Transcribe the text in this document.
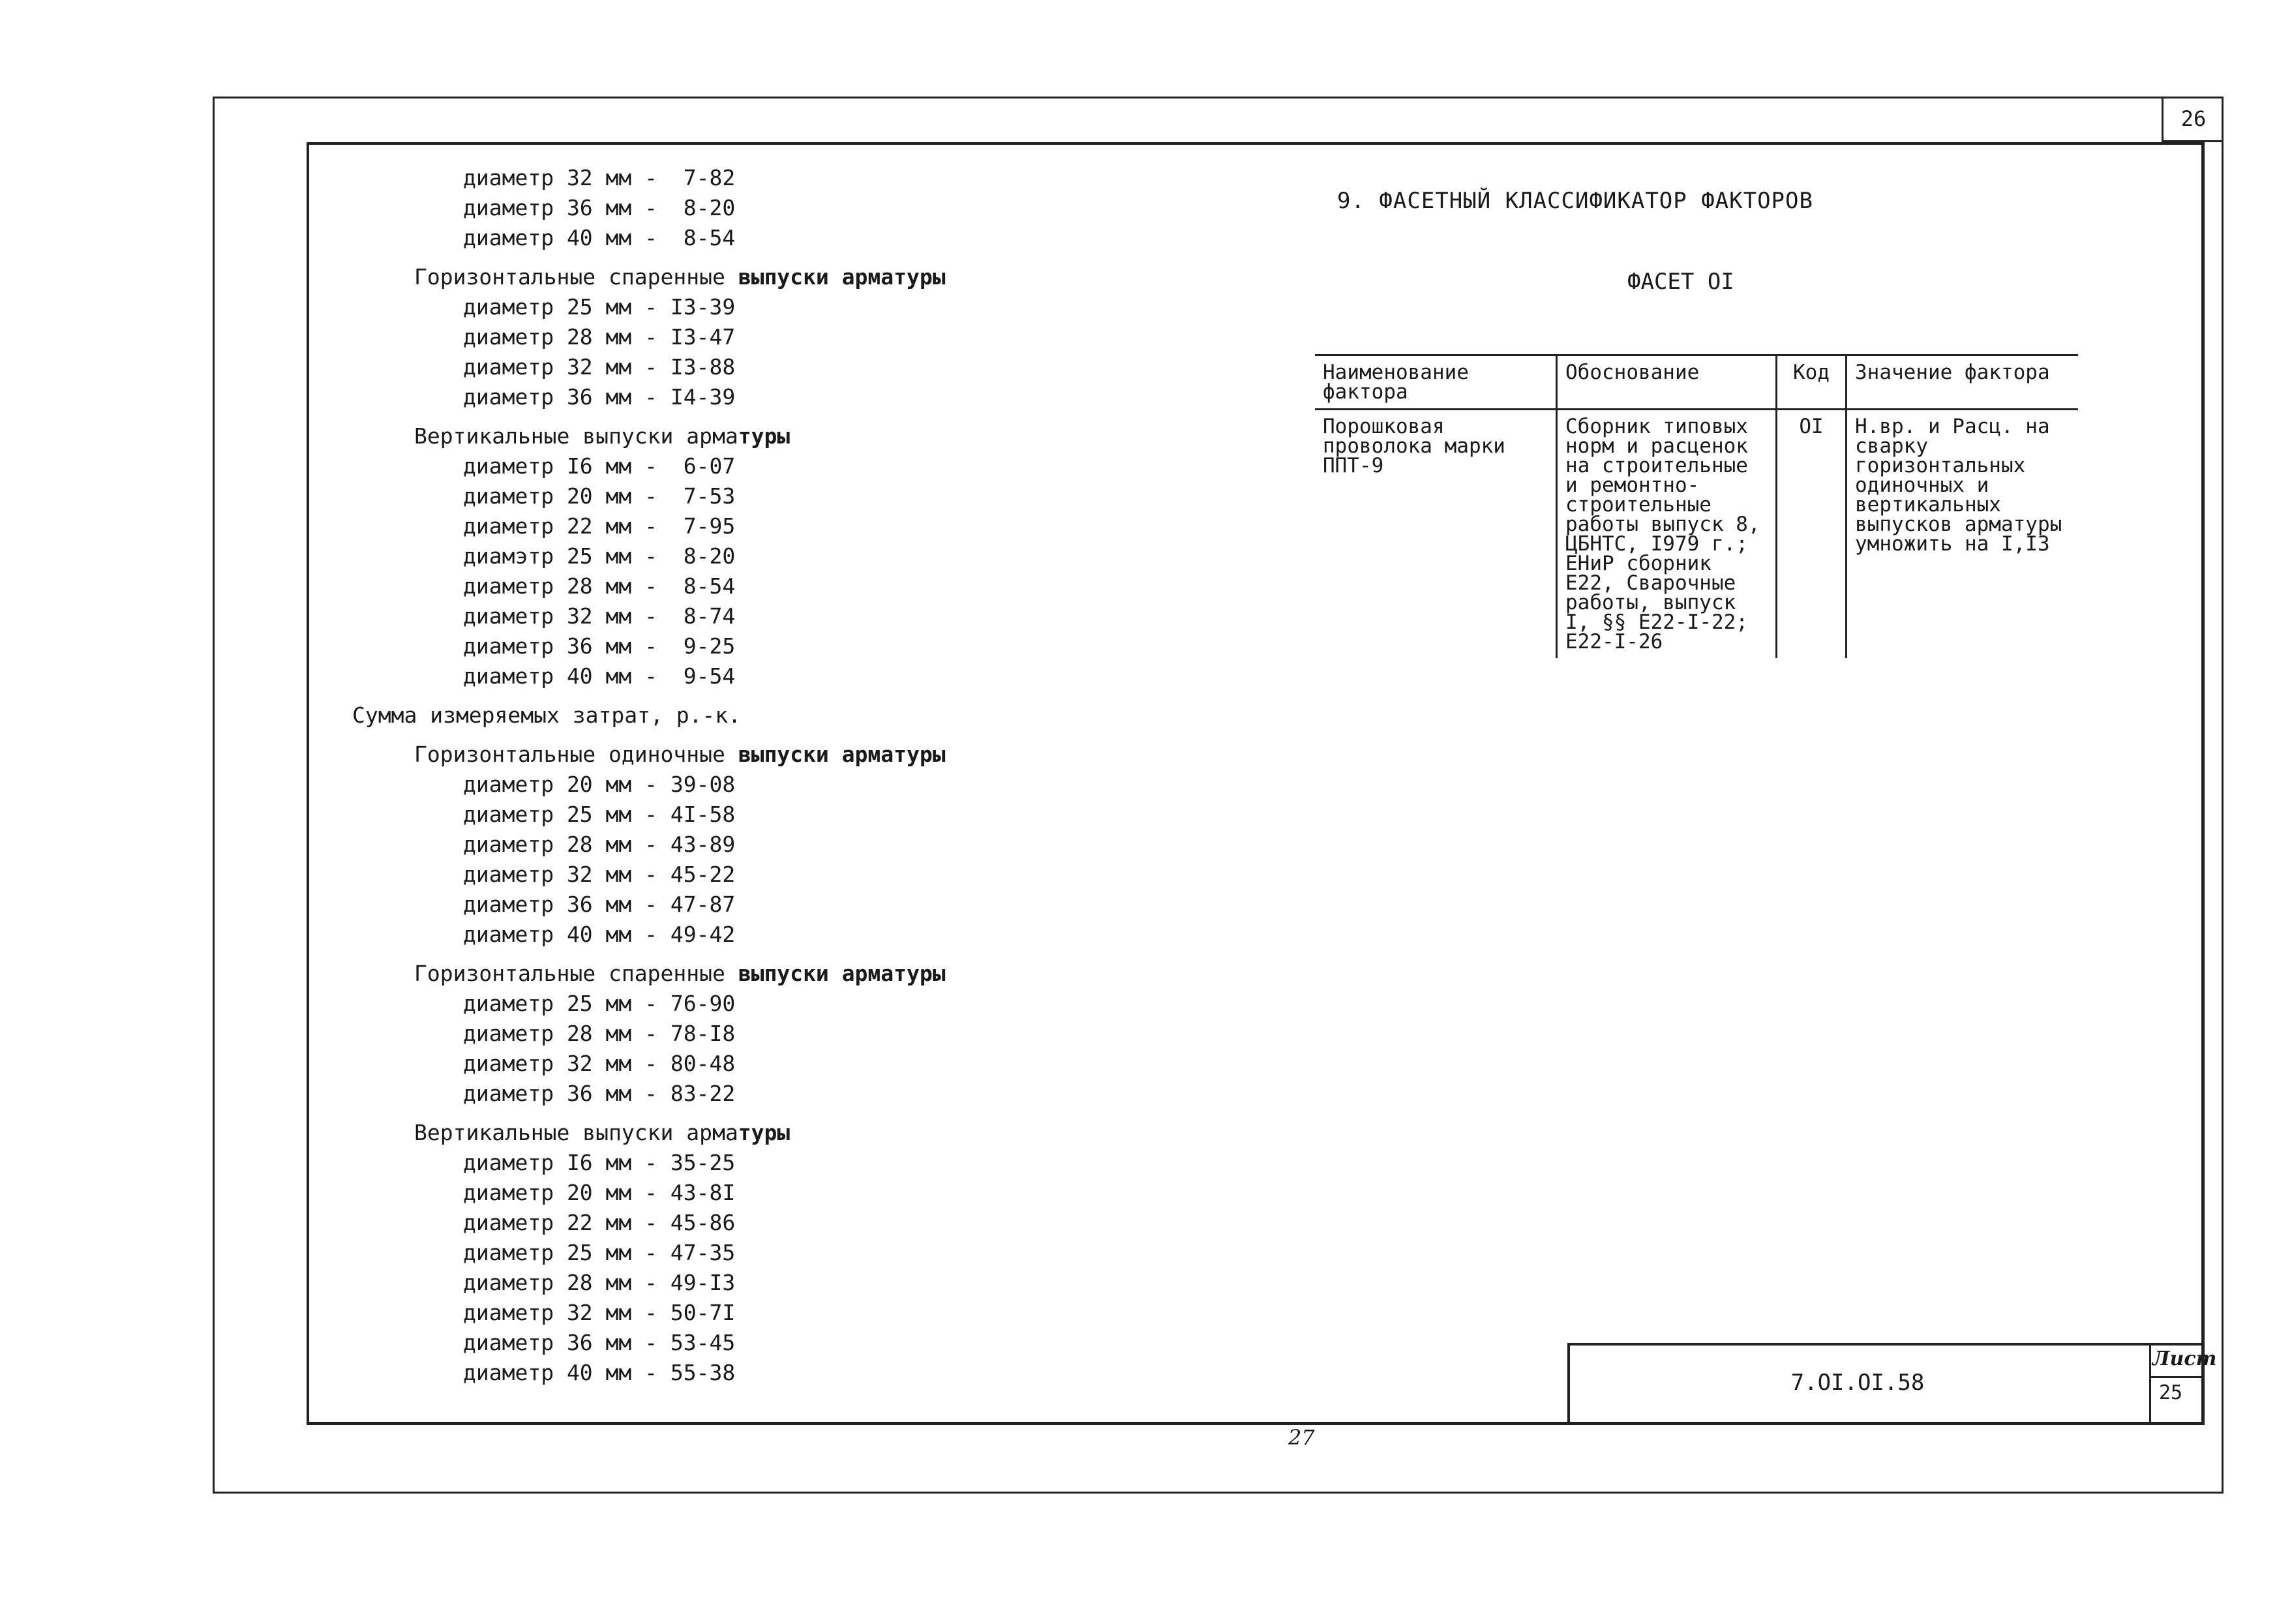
26
диаметр 32 мм -  7-82
диаметр 36 мм -  8-20
диаметр 40 мм -  8-54
Горизонтальные спаренные выпуски арматуры
диаметр 25 мм - I3-39
диаметр 28 мм - I3-47
диаметр 32 мм - I3-88
диаметр 36 мм - I4-39
Вертикальные выпуски арматуры
диаметр I6 мм -  6-07
диаметр 20 мм -  7-53
диаметр 22 мм -  7-95
диамэтр 25 мм -  8-20
диаметр 28 мм -  8-54
диаметр 32 мм -  8-74
диаметр 36 мм -  9-25
диаметр 40 мм -  9-54
Сумма измеряемых затрат, р.-к.
Горизонтальные одиночные выпуски арматуры
диаметр 20 мм - 39-08
диаметр 25 мм - 4I-58
диаметр 28 мм - 43-89
диаметр 32 мм - 45-22
диаметр 36 мм - 47-87
диаметр 40 мм - 49-42
Горизонтальные спаренные выпуски арматуры
диаметр 25 мм - 76-90
диаметр 28 мм - 78-I8
диаметр 32 мм - 80-48
диаметр 36 мм - 83-22
Вертикальные выпуски арматуры
диаметр I6 мм - 35-25
диаметр 20 мм - 43-8I
диаметр 22 мм - 45-86
диаметр 25 мм - 47-35
диаметр 28 мм - 49-I3
диаметр 32 мм - 50-7I
диаметр 36 мм - 53-45
диаметр 40 мм - 55-38
9. ФАСЕТНЫЙ КЛАССИФИКАТОР ФАКТОРОВ
ФАСЕТ OI
Наименование фактора	Обоснование	Код	Значение фактора
Порошковая проволока марки ППТ-9	Сборник типовых норм и расценок на строительные и ремонтно-строительные работы выпуск 8, ЦБНТС, I979 г.; ЕНиР сборник Е22, Сварочные работы, выпуск I, §§ Е22-I-22; Е22-I-26	OI	Н.вр. и Расц. на сварку горизонтальных одиночных и вертикальных выпусков арматуры умножить на I,I3
7.OI.OI.58
Лист
25
27
